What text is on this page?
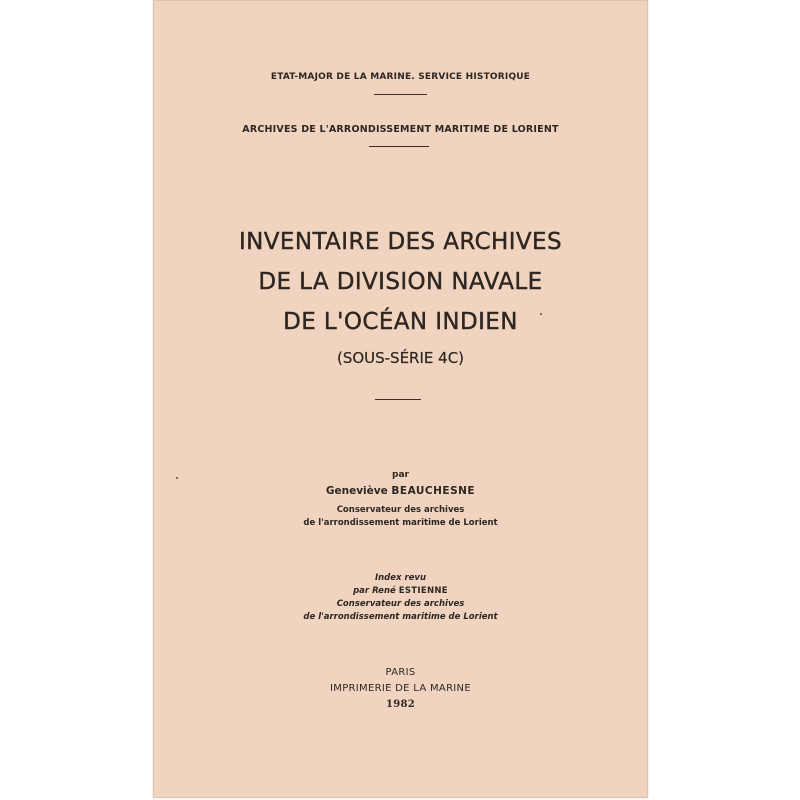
ETAT-MAJOR DE LA MARINE. SERVICE HISTORIQUE
ARCHIVES DE L'ARRONDISSEMENT MARITIME DE LORIENT
INVENTAIRE DES ARCHIVES
DE LA DIVISION NAVALE
DE L'OCÉAN INDIEN
(SOUS-SÉRIE 4C)
par
Geneviève BEAUCHESNE
Conservateur des archives
de l'arrondissement maritime de Lorient
Index revu
par René ESTIENNE
Conservateur des archives
de l'arrondissement maritime de Lorient
PARIS
IMPRIMERIE DE LA MARINE
1982
